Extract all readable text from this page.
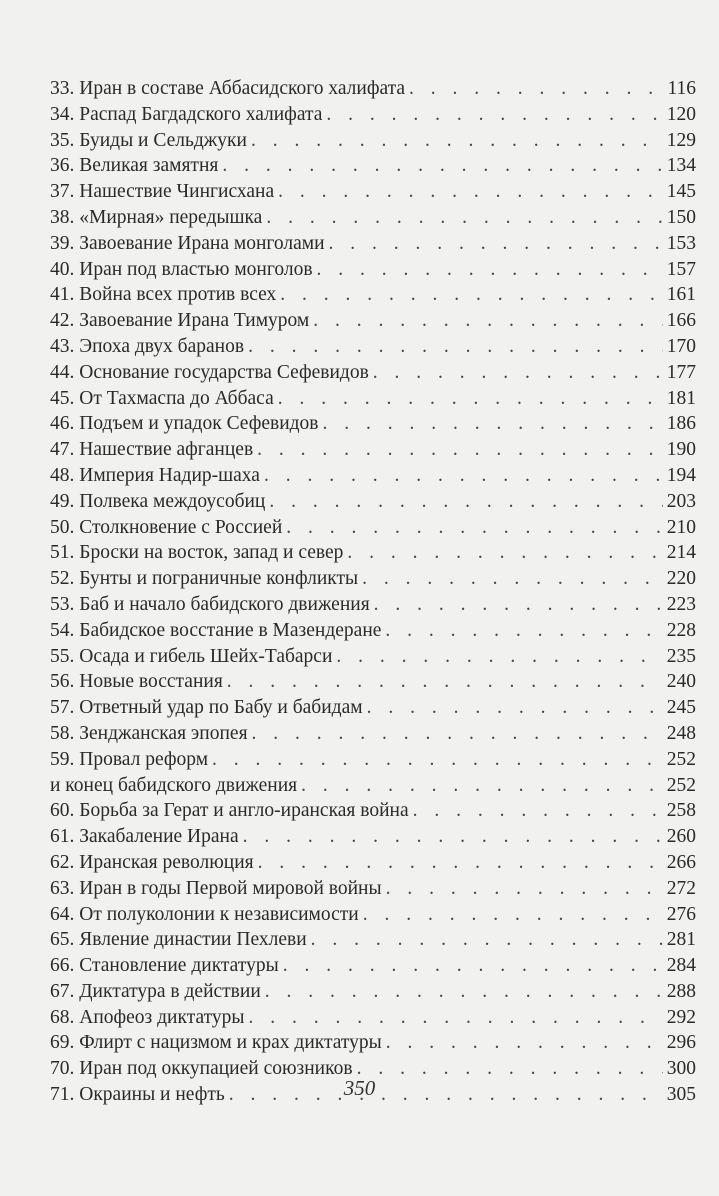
33. Иран в составе Аббасидского халифата . . .	116
34. Распад Багдадского халифата . . .	120
35. Буиды и Сельджуки . . .	129
36. Великая замятня . . .	134
37. Нашествие Чингисхана . . .	145
38. «Мирная» передышка . . .	150
39. Завоевание Ирана монголами . . .	153
40. Иран под властью монголов . . .	157
41. Война всех против всех . . .	161
42. Завоевание Ирана Тимуром . . .	166
43. Эпоха двух баранов . . .	170
44. Основание государства Сефевидов . . .	177
45. От Тахмаспа до Аббаса . . .	181
46. Подъем и упадок Сефевидов . . .	186
47. Нашествие афганцев . . .	190
48. Империя Надир-шаха . . .	194
49. Полвека междоусобиц . . .	203
50. Столкновение с Россией . . .	210
51. Броски на восток, запад и север . . .	214
52. Бунты и пограничные конфликты . . .	220
53. Баб и начало бабидского движения . . .	223
54. Бабидское восстание в Мазендеране . . .	228
55. Осада и гибель Шейх-Табарси . . .	235
56. Новые восстания . . .	240
57. Ответный удар по Бабу и бабидам . . .	245
58. Зенджанская эпопея . . .	248
59. Провал реформ . . .	252
и конец бабидского движения . . .	252
60. Борьба за Герат и англо-иранская война . . .	258
61. Закабаление Ирана . . .	260
62. Иранская революция . . .	266
63. Иран в годы Первой мировой войны . . .	272
64. От полуколонии к независимости . . .	276
65. Явление династии Пехлеви . . .	281
66. Становление диктатуры . . .	284
67. Диктатура в действии . . .	288
68. Апофеоз диктатуры . . .	292
69. Флирт с нацизмом и крах диктатуры . . .	296
70. Иран под оккупацией союзников . . .	300
71. Окраины и нефть . . .	305
350
